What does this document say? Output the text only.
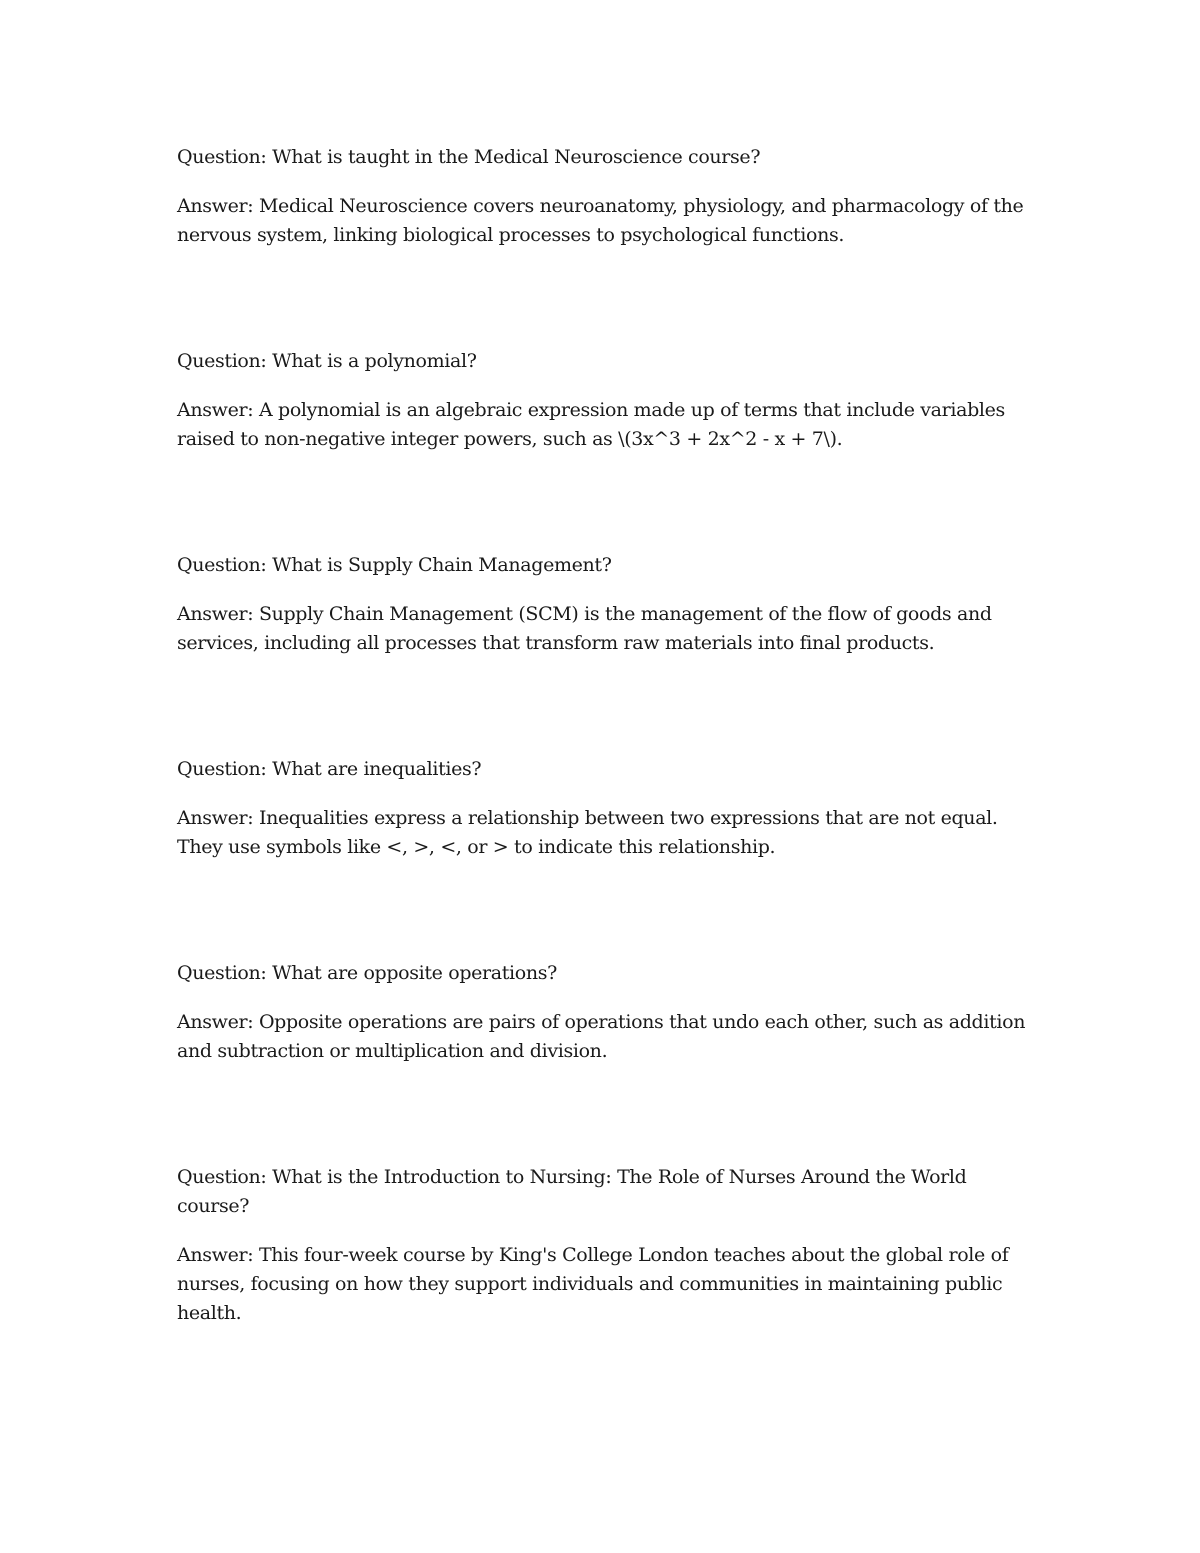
Question: What is taught in the Medical Neuroscience course?

Answer: Medical Neuroscience covers neuroanatomy, physiology, and pharmacology of the nervous system, linking biological processes to psychological functions.

Question: What is a polynomial?

Answer: A polynomial is an algebraic expression made up of terms that include variables raised to non-negative integer powers, such as \(3x^3 + 2x^2 - x + 7\).

Question: What is Supply Chain Management?

Answer: Supply Chain Management (SCM) is the management of the flow of goods and services, including all processes that transform raw materials into final products.

Question: What are inequalities?

Answer: Inequalities express a relationship between two expressions that are not equal. They use symbols like <, >, <, or > to indicate this relationship.

Question: What are opposite operations?

Answer: Opposite operations are pairs of operations that undo each other, such as addition and subtraction or multiplication and division.

Question: What is the Introduction to Nursing: The Role of Nurses Around the World course?

Answer: This four-week course by King's College London teaches about the global role of nurses, focusing on how they support individuals and communities in maintaining public health.
